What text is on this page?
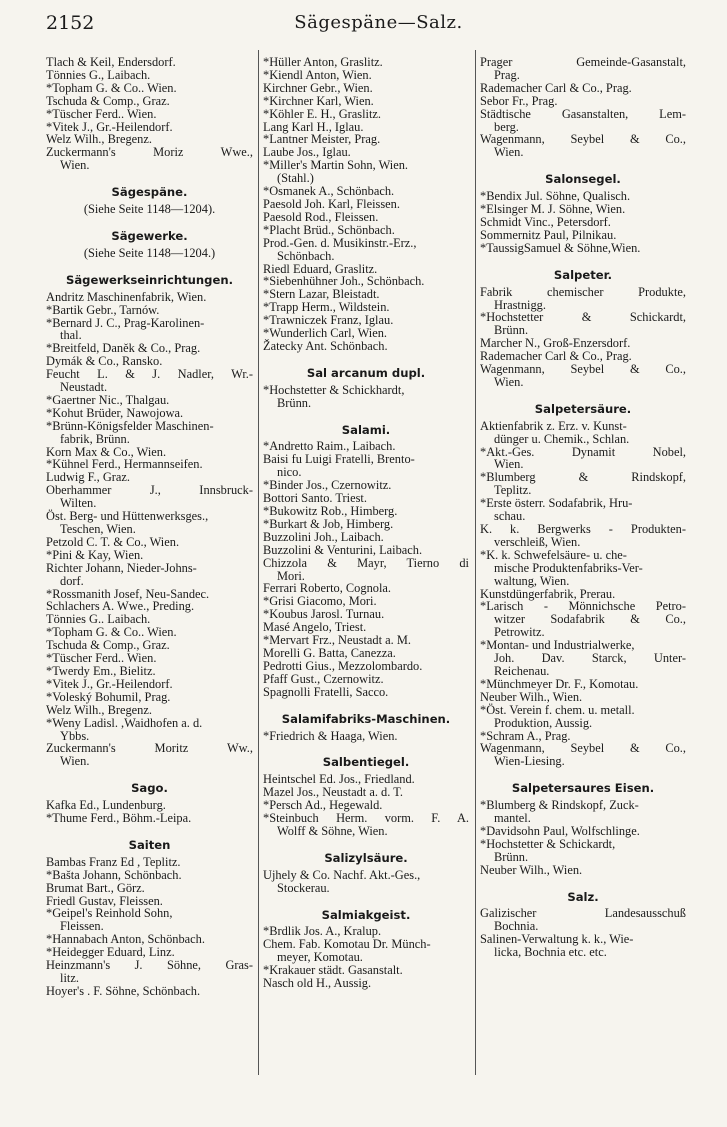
2152	Sägespäne—Salz.
Tlach & Keil, Endersdorf.
Tönnies G., Laibach.
*Topham G. & Co.. Wien.
Tschuda & Comp., Graz.
*Tüscher Ferd.. Wien.
*Vitek J., Gr.-Heilendorf.
Welz Wilh., Bregenz.
Zuckermann's Moriz Wwe.,
Wien.
Sägespäne.
(Siehe Seite 1148—1204).
Sägewerke.
(Siehe Seite 1148—1204.)
Sägewerkseinrichtungen.
Andritz Maschinenfabrik, Wien.
*Bartik Gebr., Tarnów.
*Bernard J. C., Prag-Karolinen-
thal.
*Breitfeld, Daněk & Co., Prag.
Dymák & Co., Ransko.
Feucht L. & J. Nadler, Wr.-
Neustadt.
*Gaertner Nic., Thalgau.
*Kohut Brüder, Nawojowa.
*Brünn-Königsfelder Maschinen-
fabrik, Brünn.
Korn Max & Co., Wien.
*Kühnel Ferd., Hermannseifen.
Ludwig F., Graz.
Oberhammer J., Innsbruck-
Wilten.
Öst. Berg- und Hüttenwerksges.,
Teschen, Wien.
Petzold C. T. & Co., Wien.
*Pini & Kay, Wien.
Richter Johann, Nieder-Johns-
dorf.
*Rossmanith Josef, Neu-Sandec.
Schlachers A. Wwe., Preding.
Tönnies G.. Laibach.
*Topham G. & Co.. Wien.
Tschuda & Comp., Graz.
*Tüscher Ferd.. Wien.
*Twerdy Em., Bielitz.
*Vitek J., Gr.-Heilendorf.
*Voleský Bohumil, Prag.
Welz Wilh., Bregenz.
*Weny Ladisl. ,Waidhofen a. d.
Ybbs.
Zuckermann's Moritz Ww.,
Wien.
Sago.
Kafka Ed., Lundenburg.
*Thume Ferd., Böhm.-Leipa.
Saiten
Bambas Franz Ed , Teplitz.
*Bašta Johann, Schönbach.
Brumat Bart., Görz.
Friedl Gustav, Fleissen.
*Geipel's Reinhold Sohn,
Fleissen.
*Hannabach Anton, Schönbach.
*Heidegger Eduard, Linz.
Heinzmann's J. Söhne, Gras-
litz.
Hoyer's . F. Söhne, Schönbach.
*Hüller Anton, Graslitz.
*Kiendl Anton, Wien.
Kirchner Gebr., Wien.
*Kirchner Karl, Wien.
*Köhler E. H., Graslitz.
Lang Karl H., Iglau.
*Lantner Meister, Prag.
Laube Jos., Iglau.
*Miller's Martin Sohn, Wien.
(Stahl.)
*Osmanek A., Schönbach.
Paesold Joh. Karl, Fleissen.
Paesold Rod., Fleissen.
*Placht Brüd., Schönbach.
Prod.-Gen. d. Musikinstr.-Erz.,
Schönbach.
Riedl Eduard, Graslitz.
*Siebenhühner Joh., Schönbach.
*Stern Lazar, Bleistadt.
*Trapp Herm., Wildstein.
*Trawniczek Franz, Iglau.
*Wunderlich Carl, Wien.
Žatecky Ant. Schönbach.
Sal arcanum dupl.
*Hochstetter & Schickhardt,
Brünn.
Salami.
*Andretto Raim., Laibach.
Baisi fu Luigi Fratelli, Brento-
nico.
*Binder Jos., Czernowitz.
Bottori Santo. Triest.
*Bukowitz Rob., Himberg.
*Burkart & Job, Himberg.
Buzzolini Joh., Laibach.
Buzzolini & Venturini, Laibach.
Chizzola & Mayr, Tierno di
Mori.
Ferrari Roberto, Cognola.
*Grisi Giacomo, Mori.
*Koubus Jarosl. Turnau.
Masé Angelo, Triest.
*Mervart Frz., Neustadt a. M.
Morelli G. Batta, Canezza.
Pedrotti Gius., Mezzolombardo.
Pfaff Gust., Czernowitz.
Spagnolli Fratelli, Sacco.
Salamifabriks-Maschinen.
*Friedrich & Haaga, Wien.
Salbentiegel.
Heintschel Ed. Jos., Friedland.
Mazel Jos., Neustadt a. d. T.
*Persch Ad., Hegewald.
*Steinbuch Herm. vorm. F. A.
Wolff & Söhne, Wien.
Salizylsäure.
Ujhely & Co. Nachf. Akt.-Ges.,
Stockerau.
Salmiakgeist.
*Brdlik Jos. A., Kralup.
Chem. Fab. Komotau Dr. Münch-
meyer, Komotau.
*Krakauer städt. Gasanstalt.
Nasch old H., Aussig.
Prager Gemeinde-Gasanstalt,
Prag.
Rademacher Carl & Co., Prag.
Sebor Fr., Prag.
Städtische Gasanstalten, Lem-
berg.
Wagenmann, Seybel & Co.,
Wien.
Salonsegel.
*Bendix Jul. Söhne, Qualisch.
*Elsinger M. J. Söhne, Wien.
Schmidt Vinc., Petersdorf.
Sommernitz Paul, Pilnikau.
*TaussigSamuel & Söhne,Wien.
Salpeter.
Fabrik chemischer Produkte,
Hrastnigg.
*Hochstetter & Schickardt,
Brünn.
Marcher N., Groß-Enzersdorf.
Rademacher Carl & Co., Prag.
Wagenmann, Seybel & Co.,
Wien.
Salpetersäure.
Aktienfabrik z. Erz. v. Kunst-
dünger u. Chemik., Schlan.
*Akt.-Ges. Dynamit Nobel,
Wien.
*Blumberg & Rindskopf,
Teplitz.
*Erste österr. Sodafabrik, Hru-
schau.
K. k. Bergwerks - Produkten-
verschleiß, Wien.
*K. k. Schwefelsäure- u. che-
mische Produktenfabriks-Ver-
waltung, Wien.
Kunstdüngerfabrik, Prerau.
*Larisch - Mönnichsche Petro-
witzer Sodafabrik & Co.,
Petrowitz.
*Montan- und Industrialwerke,
Joh. Dav. Starck, Unter-
Reichenau.
*Münchmeyer Dr. F., Komotau.
Neuber Wilh., Wien.
*Öst. Verein f. chem. u. metall.
Produktion, Aussig.
*Schram A., Prag.
Wagenmann, Seybel & Co.,
Wien-Liesing.
Salpetersaures Eisen.
*Blumberg & Rindskopf, Zuck-
mantel.
*Davidsohn Paul, Wolfschlinge.
*Hochstetter & Schickardt,
Brünn.
Neuber Wilh., Wien.
Salz.
Galizischer Landesausschuß
Bochnia.
Salinen-Verwaltung k. k., Wie-
licka, Bochnia etc. etc.
